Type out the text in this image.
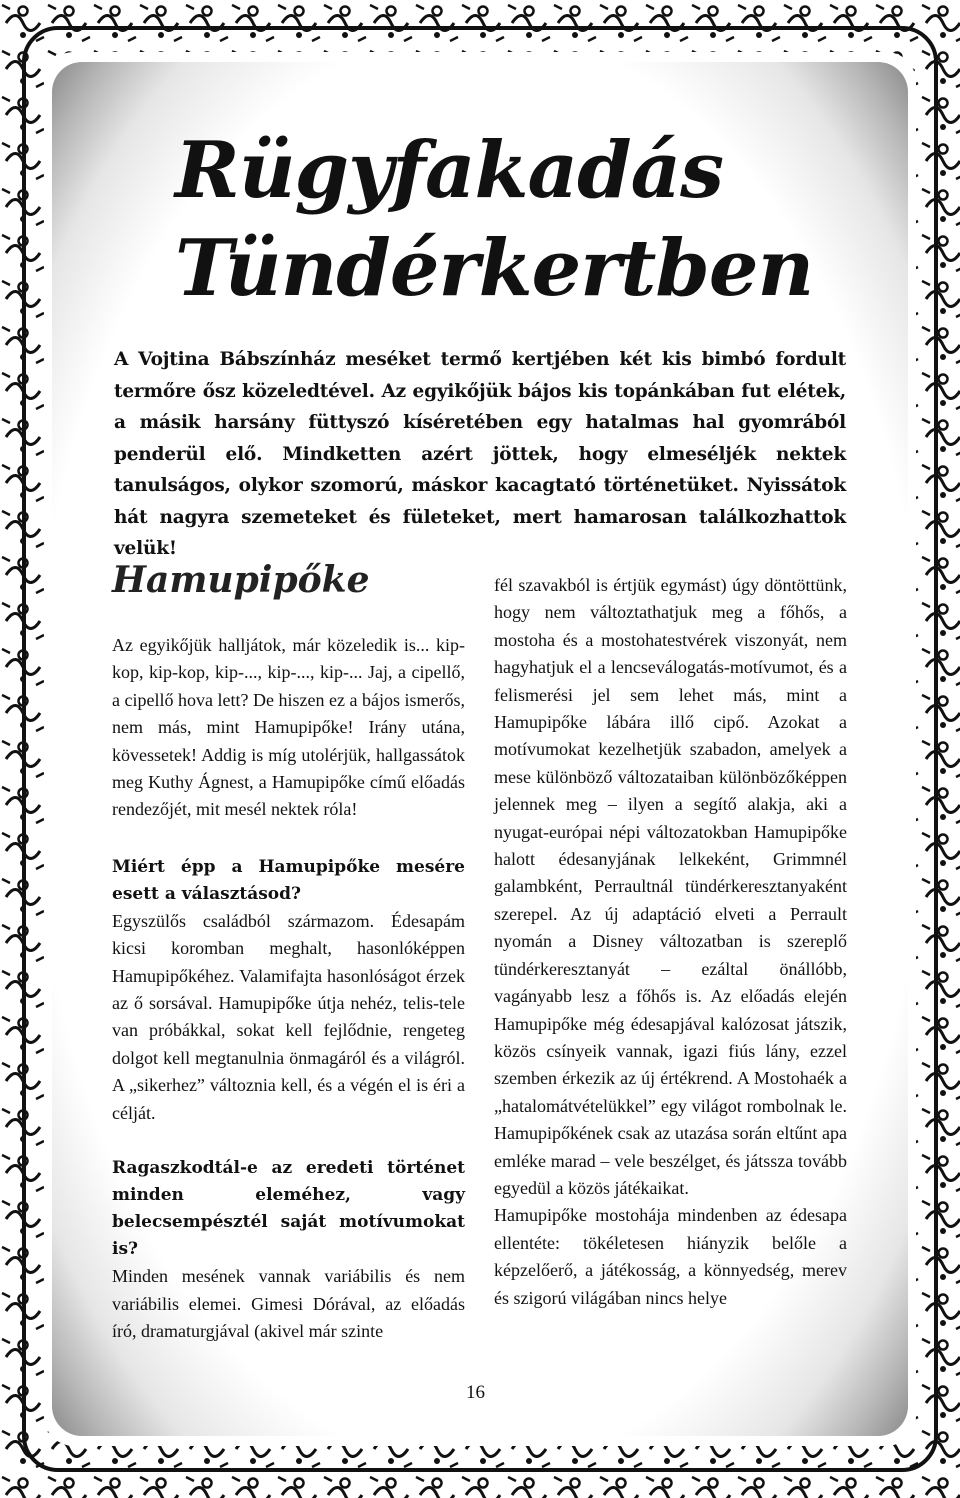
Rügyfakadás
Tündérkertben

A Vojtina Bábszínház meséket termő kertjében két kis bimbó fordult termőre ősz közeledtével. Az egyikőjük bájos kis topánkában fut elétek, a másik harsány füttyszó kíséretében egy hatalmas hal gyomrából penderül elő. Mindketten azért jöttek, hogy elmeséljék nektek tanulságos, olykor szomorú, máskor kacagtató történetüket. Nyissátok hát nagyra szemeteket és fületeket, mert hamarosan találkozhattok velük!

Hamupipőke

Az egyikőjük halljátok, már közeledik is... kip-kop, kip-kop, kip-..., kip-..., kip-... Jaj, a cipellő, a cipellő hova lett? De hiszen ez a bájos ismerős, nem más, mint Hamupipőke! Irány utána, kövessetek! Addig is míg utolérjük, hallgassátok meg Kuthy Ágnest, a Hamupipőke című előadás rendezőjét, mit mesél nektek róla!

Miért épp a Hamupipőke mesére esett a választásod?

Egyszülős családból származom. Édesapám kicsi koromban meghalt, hasonlóképpen Hamupipőkéhez. Valamifajta hasonlóságot érzek az ő sorsával. Hamupipőke útja nehéz, telis-tele van próbákkal, sokat kell fejlődnie, rengeteg dolgot kell megtanulnia önmagáról és a világról. A „sikerhez” változnia kell, és a végén el is éri a célját.

Ragaszkodtál-e az eredeti történet minden eleméhez, vagy belecsempésztél saját motívumokat is?

Minden mesének vannak variábilis és nem variábilis elemei. Gimesi Dórával, az előadás író, dramaturgjával (akivel már szinte

fél szavakból is értjük egymást) úgy döntöttünk, hogy nem változtathatjuk meg a főhős, a mostoha és a mostohatestvérek viszonyát, nem hagyhatjuk el a lencseválogatás-motívumot, és a felismerési jel sem lehet más, mint a Hamupipőke lábára illő cipő. Azokat a motívumokat kezelhetjük szabadon, amelyek a mese különböző változataiban különbözőképpen jelennek meg – ilyen a segítő alakja, aki a nyugat-európai népi változatokban Hamupipőke halott édesanyjának lelkeként, Grimmnél galambként, Perraultnál tündérkeresztanyaként szerepel. Az új adaptáció elveti a Perrault nyomán a Disney változatban is szereplő tündérkeresztanyát – ezáltal önállóbb, vagányabb lesz a főhős is. Az előadás elején Hamupipőke még édesapjával kalózosat játszik, közös csínyeik vannak, igazi fiús lány, ezzel szemben érkezik az új értékrend. A Mostohaék a „hatalomátvételükkel” egy világot rombolnak le. Hamupipőkének csak az utazása során eltűnt apa emléke marad – vele beszélget, és játssza tovább egyedül a közös játékaikat.

Hamupipőke mostohája mindenben az édesapa ellentéte: tökéletesen hiányzik belőle a képzelőerő, a játékosság, a könnyedség, merev és szigorú világában nincs helye

16
